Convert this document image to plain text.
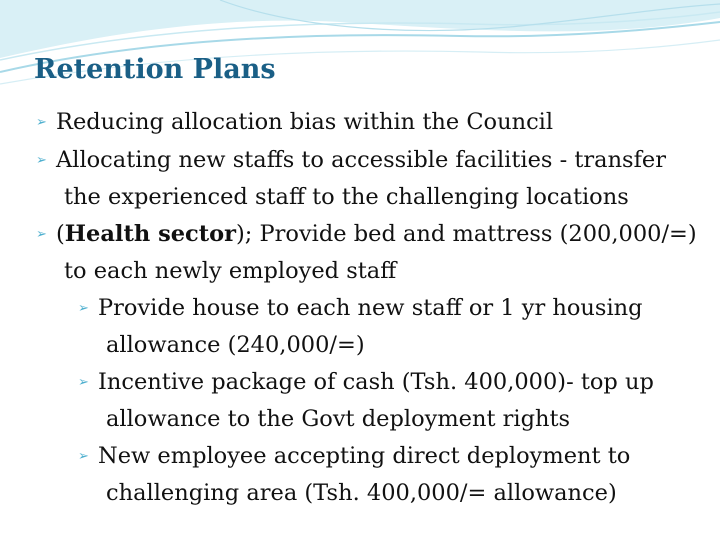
Retention Plans

➢ Reducing allocation bias within the Council

➢ Allocating new staffs to accessible facilities - transfer the experienced staff to the challenging locations

➢ (Health sector); Provide bed and mattress (200,000/=) to each newly employed staff

➢ Provide house to each new staff or 1 yr housing allowance (240,000/=)

➢ Incentive package of cash (Tsh. 400,000)- top up allowance to the Govt deployment rights

➢ New employee accepting direct deployment to challenging area (Tsh. 400,000/= allowance)
